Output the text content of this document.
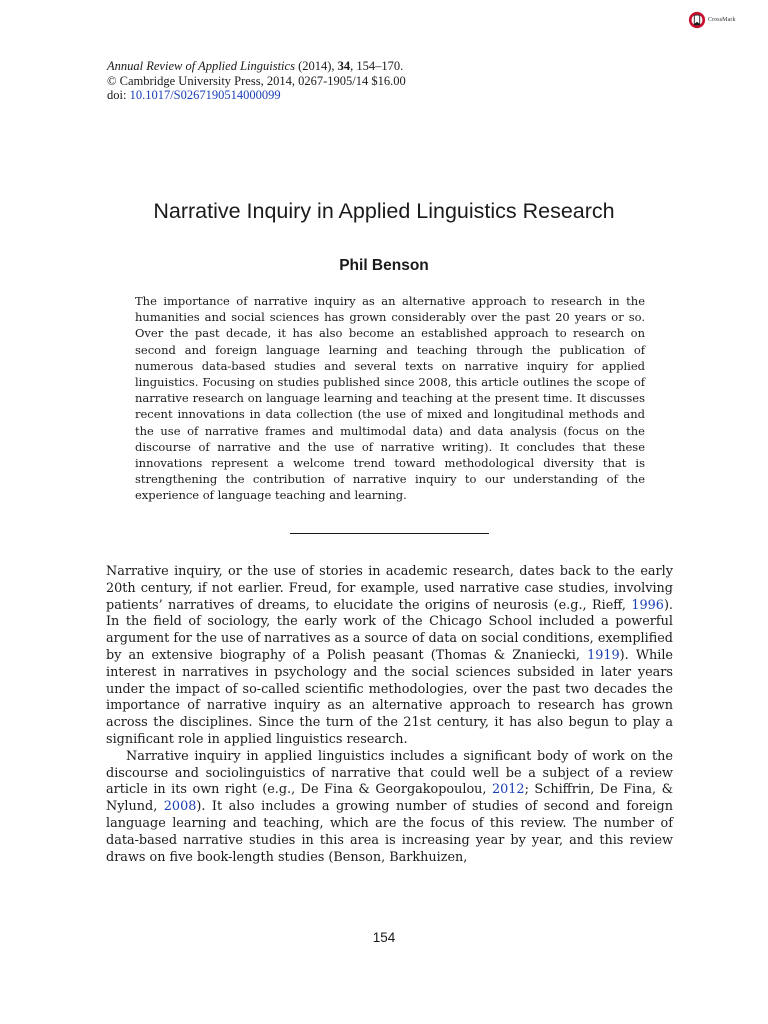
CrossMark
Annual Review of Applied Linguistics (2014), 34, 154–170.
© Cambridge University Press, 2014, 0267-1905/14 $16.00
doi: 10.1017/S0267190514000099
Narrative Inquiry in Applied Linguistics Research
Phil Benson

The importance of narrative inquiry as an alternative approach to research in the humanities and social sciences has grown considerably over the past 20 years or so. Over the past decade, it has also become an established approach to research on second and foreign language learning and teaching through the publication of numerous data-based studies and several texts on narrative inquiry for applied linguistics. Focusing on studies published since 2008, this article outlines the scope of narrative research on language learning and teaching at the present time. It discusses recent innovations in data collection (the use of mixed and longitudinal methods and the use of narrative frames and multimodal data) and data analysis (focus on the discourse of narrative and the use of narrative writing). It concludes that these innovations represent a welcome trend toward methodological diversity that is strengthening the contribution of narrative inquiry to our understanding of the experience of language teaching and learning.

Narrative inquiry, or the use of stories in academic research, dates back to the early 20th century, if not earlier. Freud, for example, used narrative case studies, involving patients’ narratives of dreams, to elucidate the origins of neurosis (e.g., Rieff, 1996). In the field of sociology, the early work of the Chicago School included a powerful argument for the use of narratives as a source of data on social conditions, exemplified by an extensive biography of a Polish peasant (Thomas & Znaniecki, 1919). While interest in narratives in psychology and the social sciences subsided in later years under the impact of so-called scientific methodologies, over the past two decades the importance of narrative inquiry as an alternative approach to research has grown across the disciplines. Since the turn of the 21st century, it has also begun to play a significant role in applied linguistics research.

Narrative inquiry in applied linguistics includes a significant body of work on the discourse and sociolinguistics of narrative that could well be a subject of a review article in its own right (e.g., De Fina & Georgakopoulou, 2012; Schiffrin, De Fina, & Nylund, 2008). It also includes a growing number of studies of second and foreign language learning and teaching, which are the focus of this review. The number of data-based narrative studies in this area is increasing year by year, and this review draws on five book-length studies (Benson, Barkhuizen,

154
